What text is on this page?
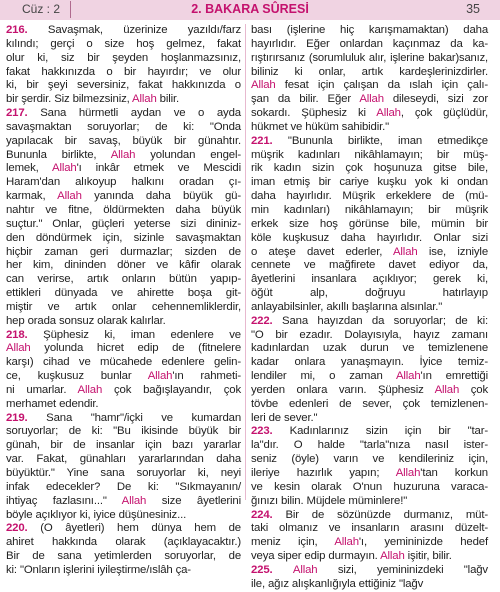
Cüz : 2	2. BAKARA SÛRESİ	35
216. Savaşmak, üzerinize yazıldı/farz
kılındı; gerçi o size hoş gelmez, fakat
olur ki, siz bir şeyden hoşlanmazsınız,
fakat hakkınızda o bir hayırdır; ve olur
ki, bir şeyi seversiniz, fakat hakkınızda o
bir şerdir. Siz bilmezsiniz, Allah bilir.
217. Sana hürmetli aydan ve o ayda
savaşmaktan soruyorlar; de ki: "Onda
yapılacak bir savaş, büyük bir günahtır.
Bununla birlikte, Allah yolundan engel-
lemek, Allah'ı inkâr etmek ve Mescidi
Haram'dan alıkoyup halkını oradan çı-
karmak, Allah yanında daha büyük gü-
nahtır ve fitne, öldürmekten daha büyük
suçtur." Onlar, güçleri yeterse sizi dininiz-
den döndürmek için, sizinle savaşmaktan
hiçbir zaman geri durmazlar; sizden de
her kim, dininden döner ve kâfir olarak
can verirse, artık onların bütün yapıp-
ettikleri dünyada ve ahirette boşa git-
miştir ve artık onlar cehennemliklerdir,
hep orada sonsuz olarak kalırlar.
218. Şüphesiz ki, iman edenlere ve
Allah yolunda hicret edip de (fitnelere
karşı) cihad ve mücahede edenlere gelin-
ce, kuşkusuz bunlar Allah'ın rahmeti-
ni umarlar. Allah çok bağışlayandır, çok
merhamet edendir.
219. Sana "hamr"/içki ve kumardan
soruyorlar; de ki: "Bu ikisinde büyük bir
günah, bir de insanlar için bazı yararlar
var. Fakat, günahları yararlarından daha
büyüktür." Yine sana soruyorlar ki, neyi
infak edecekler? De ki: "Sıkmayanın/
ihtiyaç fazlasını..." Allah size âyetlerini
böyle açıklıyor ki, iyice düşünesiniz...
220. (O âyetleri) hem dünya hem de
ahiret hakkında olarak (açıklayacaktır.)
Bir de sana yetimlerden soruyorlar, de
ki: "Onların işlerini iyileştirme/ıslâh ça-
bası (işlerine hiç karışmamaktan) daha
hayırlıdır. Eğer onlardan kaçınmaz da ka-
rıştırırsanız (sorumluluk alır, işlerine bakar)sanız,
biliniz ki onlar, artık kardeşlerinizdirler.
Allah fesat için çalışan da ıslah için çalı-
şan da bilir. Eğer Allah dileseydi, sizi zor
sokardı. Şüphesiz ki Allah, çok güçlüdür,
hükmet ve hüküm sahibidir."
221. "Bununla birlikte, iman etmedikçe
müşrik kadınları nikâhlamayın; bir müş-
rik kadın sizin çok hoşunuza gitse bile,
iman etmiş bir cariye kuşku yok ki ondan
daha hayırlıdır. Müşrik erkeklere de (mü-
min kadınları) nikâhlamayın; bir müşrik
erkek size hoş görünse bile, mümin bir
köle kuşkusuz daha hayırlıdır. Onlar sizi
o ateşe davet ederler, Allah ise, izniyle
cennete ve mağfirete davet ediyor da,
âyetlerini insanlara açıklıyor; gerek ki,
öğüt alp, doğruyu hatırlayıp
anlayabilsinler, akıllı başlarına alsınlar."
222. Sana hayızdan da soruyorlar; de ki:
"O bir ezadır. Dolayısıyla, hayız zamanı
kadınlardan uzak durun ve temizlenene
kadar onlara yanaşmayın. İyice temiz-
lendiler mi, o zaman Allah'ın emrettiği
yerden onlara varın. Şüphesiz Allah çok
tövbe edenleri de sever, çok temizlenen-
leri de sever."
223. Kadınlarınız sizin için bir "tar-
la"dır. O halde "tarla"nıza nasıl ister-
seniz (öyle) varın ve kendileriniz için,
ileriye hazırlık yapın; Allah'tan korkun
ve kesin olarak O'nun huzuruna varaca-
ğınızı bilin. Müjdele müminlere!"
224. Bir de sözünüzde durmanız, müt-
taki olmanız ve insanların arasını düzelt-
meniz için, Allah'ı, yemininizde hedef
veya siper edip durmayın. Allah işitir, bilir.
225. Allah sizi, yemininizdeki "lağv
ile, ağız alışkanlığıyla ettiğiniz "lağv
